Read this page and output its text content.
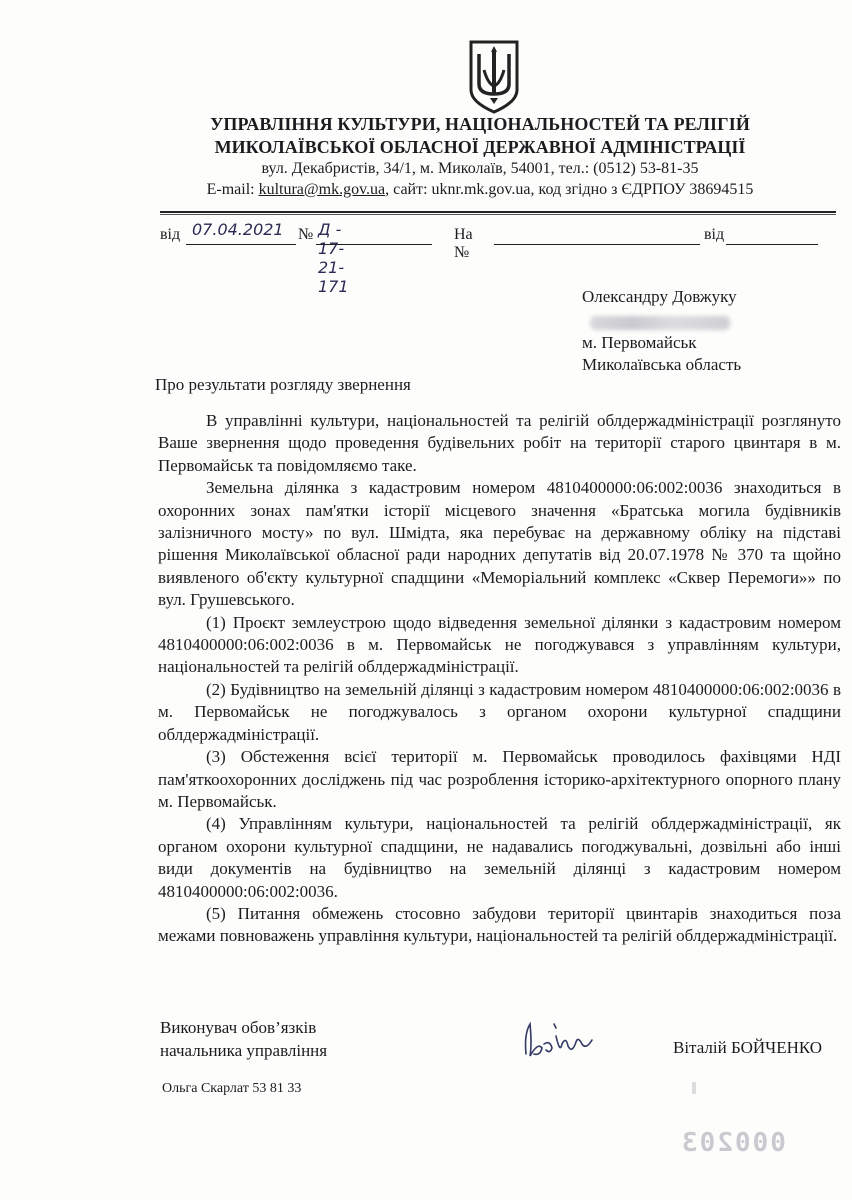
УПРАВЛІННЯ КУЛЬТУРИ, НАЦІОНАЛЬНОСТЕЙ ТА РЕЛІГІЙ
МИКОЛАЇВСЬКОЇ ОБЛАСНОЇ ДЕРЖАВНОЇ АДМІНІСТРАЦІЇ
вул. Декабристів, 34/1, м. Миколаїв, 54001, тел.: (0512) 53-81-35
E-mail: kultura@mk.gov.ua, сайт: uknr.mk.gov.ua, код згідно з ЄДРПОУ 38694515
від 07.04.2021 № Д - 17-21-171
На №
від
Олександру Довжуку
м. Первомайськ
Миколаївська область
Про результати розгляду звернення

В управлінні культури, національностей та релігій облдержадміністрації розглянуто Ваше звернення щодо проведення будівельних робіт на території старого цвинтаря в м. Первомайськ та повідомляємо таке.

Земельна ділянка з кадастровим номером 4810400000:06:002:0036 знаходиться в охоронних зонах пам'ятки історії місцевого значення «Братська могила будівників залізничного мосту» по вул. Шмідта, яка перебуває на державному обліку на підставі рішення Миколаївської обласної ради народних депутатів від 20.07.1978 № 370 та щойно виявленого об'єкту культурної спадщини «Меморіальний комплекс «Сквер Перемоги»» по вул. Грушевського.

(1) Проєкт землеустрою щодо відведення земельної ділянки з кадастровим номером 4810400000:06:002:0036 в м. Первомайськ не погоджувався з управлінням культури, національностей та релігій облдержадміністрації.

(2) Будівництво на земельній ділянці з кадастровим номером 4810400000:06:002:0036 в м. Первомайськ не погоджувалось з органом охорони культурної спадщини облдержадміністрації.

(3) Обстеження всієї території м. Первомайськ проводилось фахівцями НДІ пам'яткоохоронних досліджень під час розроблення історико-архітектурного опорного плану м. Первомайськ.

(4) Управлінням культури, національностей та релігій облдержадміністрації, як органом охорони культурної спадщини, не надавались погоджувальні, дозвільні або інші види документів на будівництво на земельній ділянці з кадастровим номером 4810400000:06:002:0036.

(5) Питання обмежень стосовно забудови території цвинтарів знаходиться поза межами повноважень управління культури, національностей та релігій облдержадміністрації.

Виконувач обов’язків
начальника управління	Віталій БОЙЧЕНКО
Ольга Скарлат 53 81 33
000203
